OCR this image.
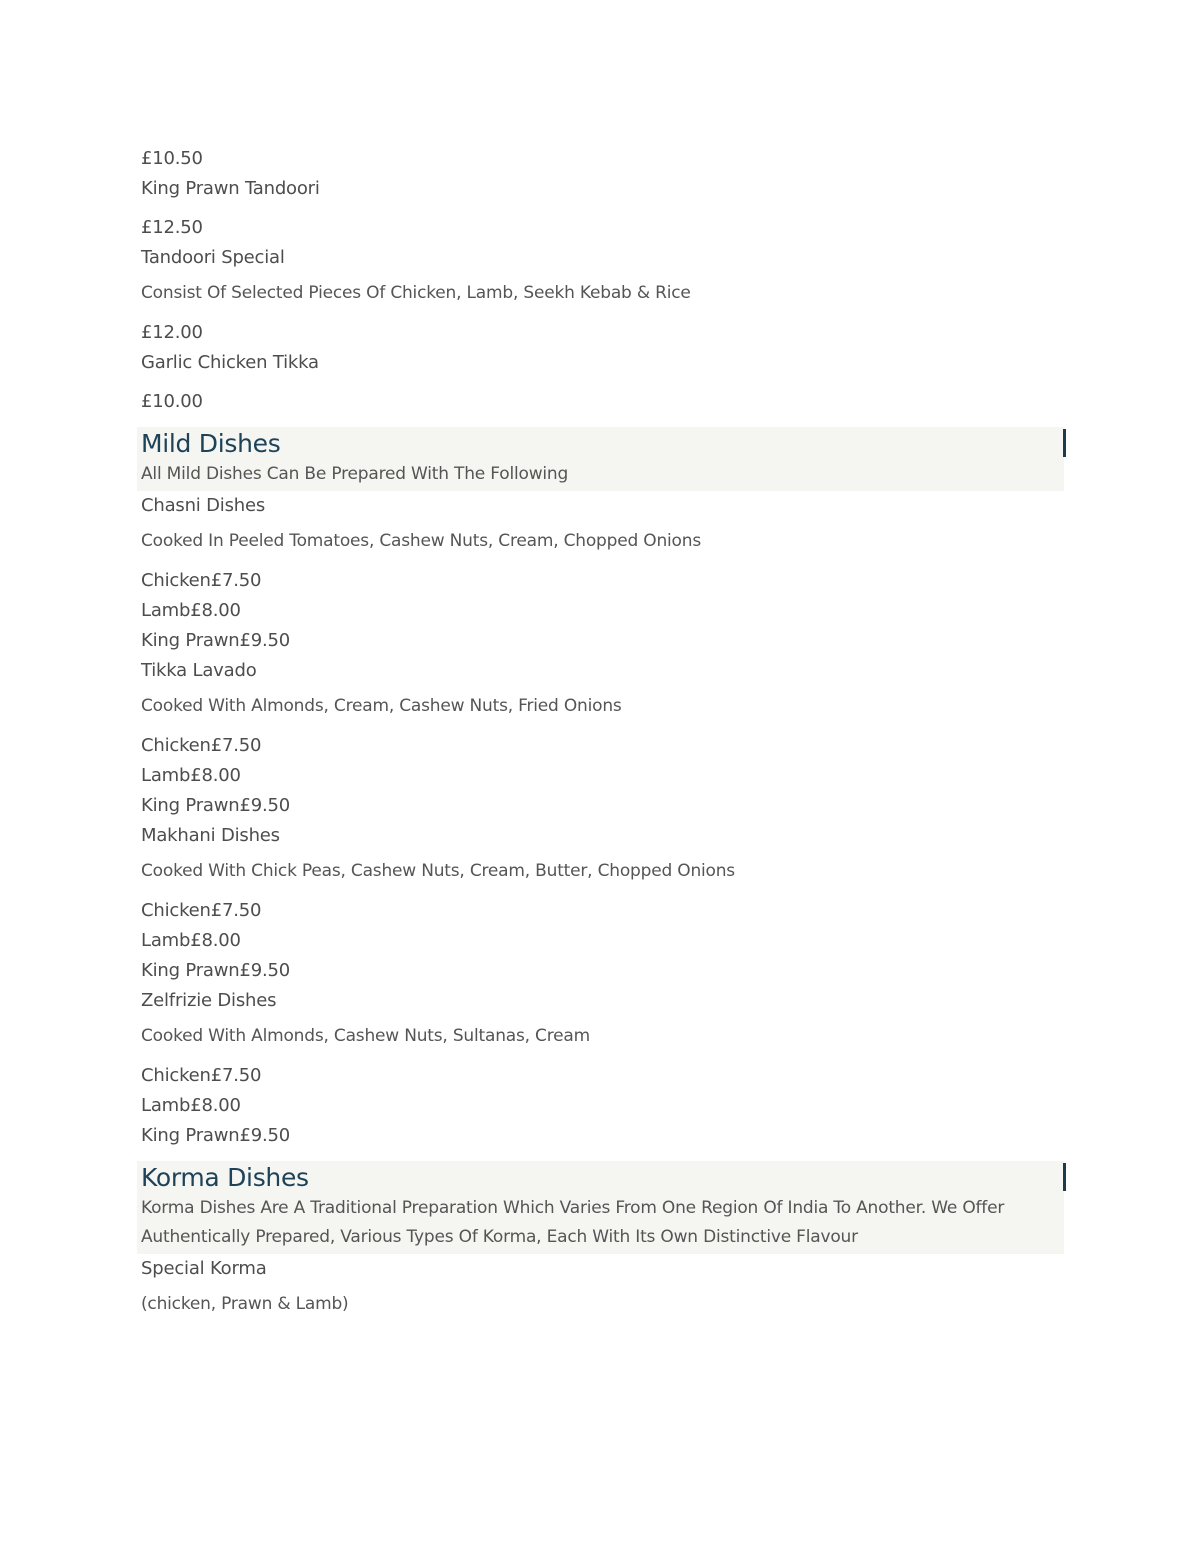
£10.50
King Prawn Tandoori
£12.50
Tandoori Special
Consist Of Selected Pieces Of Chicken, Lamb, Seekh Kebab & Rice
£12.00
Garlic Chicken Tikka
£10.00
Mild Dishes
All Mild Dishes Can Be Prepared With The Following
Chasni Dishes
Cooked In Peeled Tomatoes, Cashew Nuts, Cream, Chopped Onions
Chicken£7.50
Lamb£8.00
King Prawn£9.50
Tikka Lavado
Cooked With Almonds, Cream, Cashew Nuts, Fried Onions
Chicken£7.50
Lamb£8.00
King Prawn£9.50
Makhani Dishes
Cooked With Chick Peas, Cashew Nuts, Cream, Butter, Chopped Onions
Chicken£7.50
Lamb£8.00
King Prawn£9.50
Zelfrizie Dishes
Cooked With Almonds, Cashew Nuts, Sultanas, Cream
Chicken£7.50
Lamb£8.00
King Prawn£9.50
Korma Dishes
Korma Dishes Are A Traditional Preparation Which Varies From One Region Of India To Another. We Offer
Authentically Prepared, Various Types Of Korma, Each With Its Own Distinctive Flavour
Special Korma
(chicken, Prawn & Lamb)
